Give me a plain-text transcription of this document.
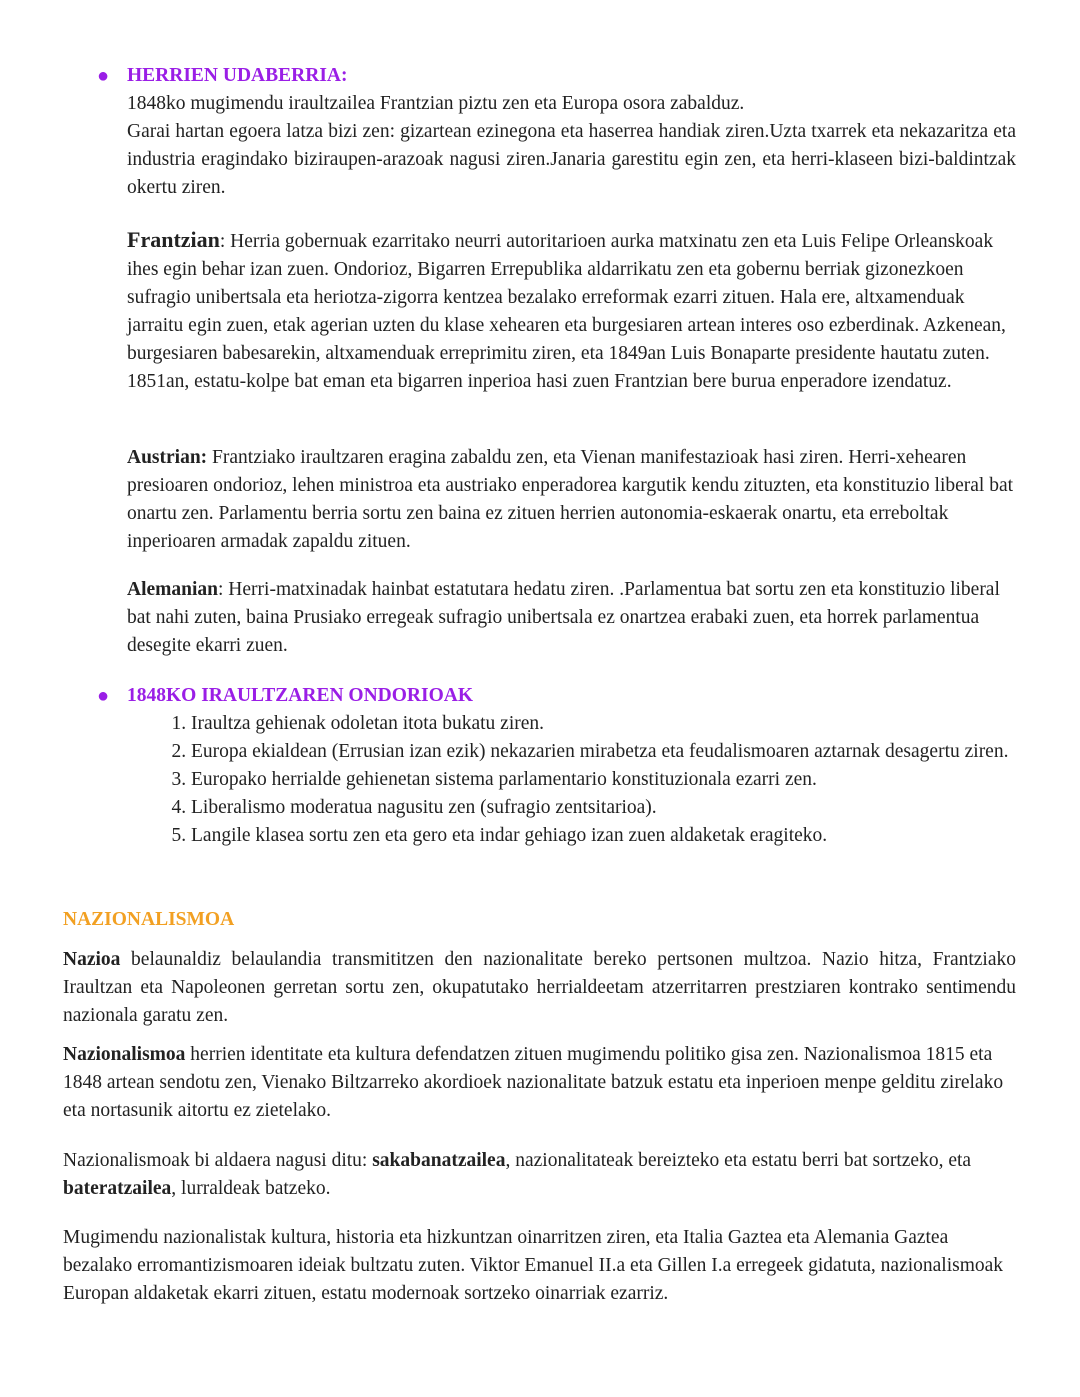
● HERRIEN UDABERRIA:

1848ko mugimendu iraultzailea Frantzian piztu zen eta Europa osora zabalduz.

Garai hartan egoera latza bizi zen: gizartean ezinegona eta haserrea handiak ziren.Uzta txarrek eta nekazaritza eta industria eragindako biziraupen-arazoak nagusi ziren.Janaria garestitu egin zen, eta herri-klaseen bizi-baldintzak okertu ziren.

Frantzian: Herria gobernuak ezarritako neurri autoritarioen aurka matxinatu zen eta Luis Felipe Orleanskoak ihes egin behar izan zuen. Ondorioz, Bigarren Errepublika aldarrikatu zen eta gobernu berriak gizonezkoen sufragio unibertsala eta heriotza-zigorra kentzea bezalako erreformak ezarri zituen. Hala ere, altxamenduak jarraitu egin zuen, etak agerian uzten du klase xehearen eta burgesiaren artean interes oso ezberdinak. Azkenean, burgesiaren babesarekin, altxamenduak erreprimitu ziren, eta 1849an Luis Bonaparte presidente hautatu zuten. 1851an, estatu-kolpe bat eman eta bigarren inperioa hasi zuen Frantzian bere burua enperadore izendatuz.

Austrian: Frantziako iraultzaren eragina zabaldu zen, eta Vienan manifestazioak hasi ziren. Herri-xehearen presioaren ondorioz, lehen ministroa eta austriako enperadorea kargutik kendu zituzten, eta konstituzio liberal bat onartu zen. Parlamentu berria sortu zen baina ez zituen herrien autonomia-eskaerak onartu, eta erreboltak inperioaren armadak zapaldu zituen.

Alemanian: Herri-matxinadak hainbat estatutara hedatu ziren. .Parlamentua bat sortu zen eta konstituzio liberal bat nahi zuten, baina Prusiako erregeak sufragio unibertsala ez onartzea erabaki zuen, eta horrek parlamentua desegite ekarri zuen.

● 1848KO IRAULTZAREN ONDORIOAK
1. Iraultza gehienak odoletan itota bukatu ziren.
2. Europa ekialdean (Errusian izan ezik) nekazarien mirabetza eta feudalismoaren aztarnak desagertu ziren.
3. Europako herrialde gehienetan sistema parlamentario konstituzionala ezarri zen.
4. Liberalismo moderatua nagusitu zen (sufragio zentsitarioa).
5. Langile klasea sortu zen eta gero eta indar gehiago izan zuen aldaketak eragiteko.
NAZIONALISMOA

Nazioa belaunaldiz belaulandia transmititzen den nazionalitate bereko pertsonen multzoa. Nazio hitza, Frantziako Iraultzan eta Napoleonen gerretan sortu zen, okupatutako herrialdeetam atzerritarren prestziaren kontrako sentimendu nazionala garatu zen.

Nazionalismoa herrien identitate eta kultura defendatzen zituen mugimendu politiko gisa zen. Nazionalismoa 1815 eta 1848 artean sendotu zen, Vienako Biltzarreko akordioek nazionalitate batzuk estatu eta inperioen menpe gelditu zirelako eta nortasunik aitortu ez zietelako.

Nazionalismoak bi aldaera nagusi ditu: sakabanatzailea, nazionalitateak bereizteko eta estatu berri bat sortzeko, eta bateratzailea, lurraldeak batzeko.

Mugimendu nazionalistak kultura, historia eta hizkuntzan oinarritzen ziren, eta Italia Gaztea eta Alemania Gaztea bezalako erromantizismoaren ideiak bultzatu zuten. Viktor Emanuel II.a eta Gillen I.a erregeek gidatuta, nazionalismoak Europan aldaketak ekarri zituen, estatu modernoak sortzeko oinarriak ezarriz.
